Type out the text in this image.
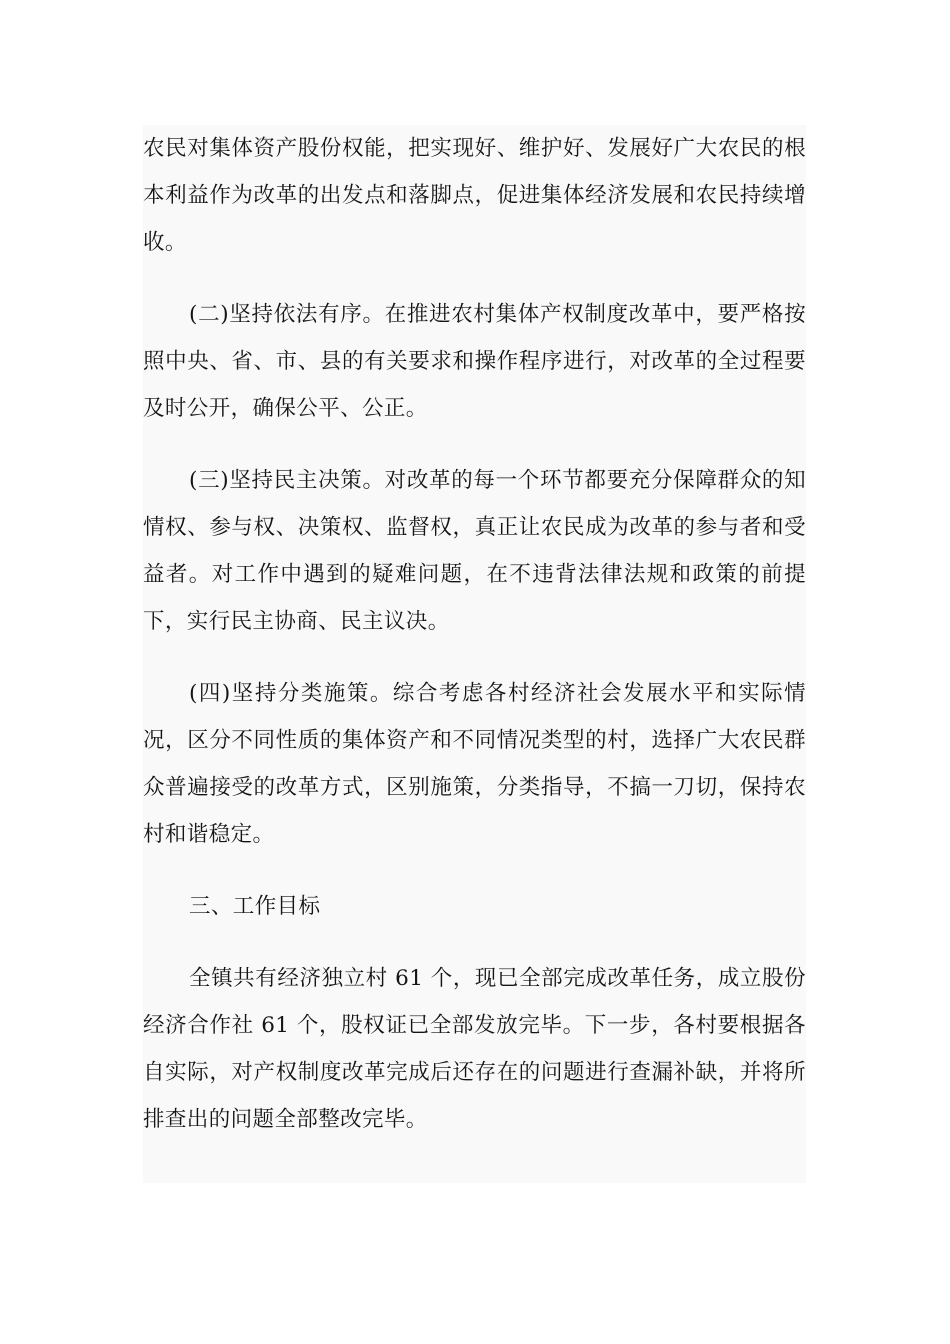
农民对集体资产股份权能，把实现好、维护好、发展好广大农民的根本利益作为改革的出发点和落脚点，促进集体经济发展和农民持续增收。

(二)坚持依法有序。在推进农村集体产权制度改革中，要严格按照中央、省、市、县的有关要求和操作程序进行，对改革的全过程要及时公开，确保公平、公正。

(三)坚持民主决策。对改革的每一个环节都要充分保障群众的知情权、参与权、决策权、监督权，真正让农民成为改革的参与者和受益者。对工作中遇到的疑难问题，在不违背法律法规和政策的前提下，实行民主协商、民主议决。

(四)坚持分类施策。综合考虑各村经济社会发展水平和实际情况，区分不同性质的集体资产和不同情况类型的村，选择广大农民群众普遍接受的改革方式，区别施策，分类指导，不搞一刀切，保持农村和谐稳定。

三、工作目标

全镇共有经济独立村 61 个，现已全部完成改革任务，成立股份经济合作社 61 个，股权证已全部发放完毕。下一步，各村要根据各自实际，对产权制度改革完成后还存在的问题进行查漏补缺，并将所排查出的问题全部整改完毕。
